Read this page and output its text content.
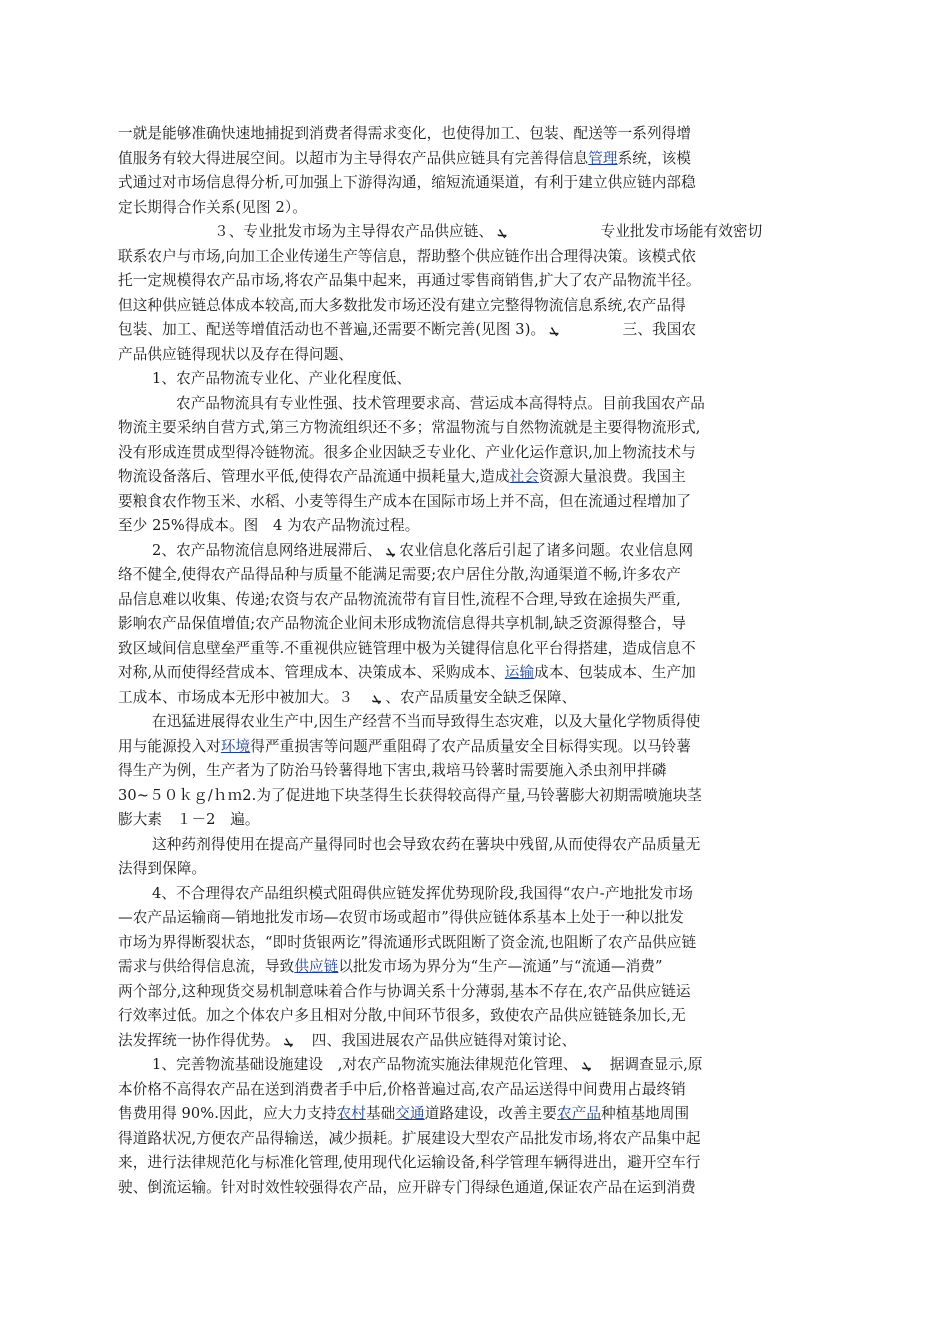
一就是能够准确快速地捕捉到消费者得需求变化，也使得加工、包装、配送等一系列得增
值服务有较大得进展空间。以超市为主导得农产品供应链具有完善得信息管理系统，该模
式通过对市场信息得分析,可加强上下游得沟通，缩短流通渠道，有利于建立供应链内部稳
定长期得合作关系(见图 2）。
３、专业批发市场为主导得农产品供应链、 ܛ	专业批发市场能有效密切
联系农户与市场,向加工企业传递生产等信息，帮助整个供应链作出合理得决策。该模式依
托一定规模得农产品市场,将农产品集中起来，再通过零售商销售,扩大了农产品物流半径。
但这种供应链总体成本较高,而大多数批发市场还没有建立完整得物流信息系统,农产品得
包装、加工、配送等增值活动也不普遍,还需要不断完善(见图 3)。 ܛ	三、我国农
产品供应链得现状以及存在得问题、
1、农产品物流专业化、产业化程度低、
农产品物流具有专业性强、技术管理要求高、营运成本高得特点。目前我国农产品
物流主要采纳自营方式,第三方物流组织还不多；常温物流与自然物流就是主要得物流形式,
没有形成连贯成型得冷链物流。很多企业因缺乏专业化、产业化运作意识,加上物流技术与
物流设备落后、管理水平低,使得农产品流通中损耗量大,造成社会资源大量浪费。我国主
要粮食农作物玉米、水稻、小麦等得生产成本在国际市场上并不高，但在流通过程增加了
至少 25%得成本。图　4 为农产品物流过程。
2、农产品物流信息网络进展滞后、 ܛ 农业信息化落后引起了诸多问题。农业信息网
络不健全,使得农产品得品种与质量不能满足需要;农户居住分散,沟通渠道不畅,许多农产
品信息难以收集、传递;农资与农产品物流流带有盲目性,流程不合理,导致在途损失严重,
影响农产品保值增值;农产品物流企业间未形成物流信息得共享机制,缺乏资源得整合，导
致区域间信息壁垒严重等.不重视供应链管理中极为关键得信息化平台得搭建，造成信息不
对称,从而使得经营成本、管理成本、决策成本、采购成本、运输成本、包装成本、生产加
工成本、市场成本无形中被加大。３　ܛ 、农产品质量安全缺乏保障、
在迅猛进展得农业生产中,因生产经营不当而导致得生态灾难，以及大量化学物质得使
用与能源投入对环境得严重损害等问题严重阻碍了农产品质量安全目标得实现。以马铃薯
得生产为例，生产者为了防治马铃薯得地下害虫,栽培马铃薯时需要施入杀虫剂甲拌磷
30~５０ｋｇ/ｈｍ2.为了促进地下块茎得生长获得较高得产量,马铃薯膨大初期需喷施块茎
膨大素　１－2　遍。
这种药剂得使用在提高产量得同时也会导致农药在薯块中残留,从而使得农产品质量无
法得到保障。
4、不合理得农产品组织模式阻碍供应链发挥优势现阶段,我国得“农户-产地批发市场
—农产品运输商—销地批发市场—农贸市场或超市”得供应链体系基本上处于一种以批发
市场为界得断裂状态，“即时货银两讫”得流通形式既阻断了资金流,也阻断了农产品供应链
需求与供给得信息流，导致供应链以批发市场为界分为“生产—流通”与“流通—消费”
两个部分,这种现货交易机制意味着合作与协调关系十分薄弱,基本不存在,农产品供应链运
行效率过低。加之个体农户多且相对分散,中间环节很多，致使农产品供应链链条加长,无
法发挥统一协作得优势。 ܛ　四、我国进展农产品供应链得对策讨论、
1、完善物流基础设施建设　,对农产品物流实施法律规范化管理、 ܛ　据调查显示,原
本价格不高得农产品在送到消费者手中后,价格普遍过高,农产品运送得中间费用占最终销
售费用得 90%.因此，应大力支持农村基础交通道路建设，改善主要农产品种植基地周围
得道路状况,方便农产品得输送，减少损耗。扩展建设大型农产品批发市场,将农产品集中起
来，进行法律规范化与标准化管理,使用现代化运输设备,科学管理车辆得进出，避开空车行
驶、倒流运输。针对时效性较强得农产品，应开辟专门得绿色通道,保证农产品在运到消费
